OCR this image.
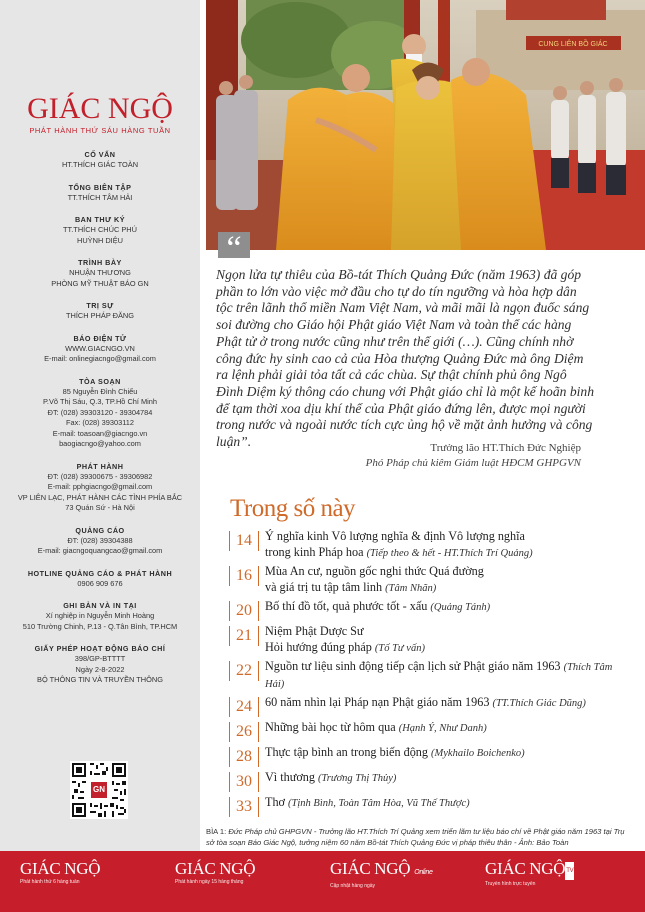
GIÁC NGỘ
PHÁT HÀNH THỨ SÁU HÀNG TUẦN
CỐ VẤN
HT.THÍCH GIÁC TOÀN
TỔNG BIÊN TẬP
TT.THÍCH TÂM HẢI
BAN THƯ KÝ
TT.THÍCH CHÚC PHÚ
HUỲNH DIỆU
TRÌNH BÀY
NHUẬN THƯƠNG
PHÒNG MỸ THUẬT BÁO GN
TRỊ SỰ
THÍCH PHÁP ĐĂNG
BÁO ĐIỆN TỬ
WWW.GIACNGO.VN
E-mail: onlinegiacngo@gmail.com
TÒA SOẠN
85 Nguyễn Đình Chiểu
P.Võ Thị Sáu, Q.3, TP.Hồ Chí Minh
ĐT: (028) 39303120 - 39304784
Fax: (028) 39303112
E-mail: toasoan@giacngo.vn
baogiacngo@yahoo.com
PHÁT HÀNH
ĐT: (028) 39300675 - 39306982
E-mail: pphgiacngo@gmail.com
VP LIÊN LẠC, PHÁT HÀNH CÁC TỈNH PHÍA BẮC
73 Quán Sứ - Hà Nội
QUẢNG CÁO
ĐT: (028) 39304388
E-mail: giacngoquangcao@gmail.com
HOTLINE QUẢNG CÁO & PHÁT HÀNH
0906 909 676
GHI BẢN VÀ IN TẠI
Xí nghiệp in Nguyễn Minh Hoàng
510 Trường Chinh, P.13 - Q.Tân Bình, TP.HCM
GIẤY PHÉP HOẠT ĐỘNG BÁO CHÍ
398/GP-BTTTT
Ngày 2-8-2022
BỘ THÔNG TIN VÀ TRUYỀN THÔNG
GN
CUNG LIÊN BỒ GIÁC
“
Ngọn lửa tự thiêu của Bồ-tát Thích Quảng Đức (năm 1963) đã góp phần to lớn vào việc mở đầu cho tự do tín ngưỡng và hòa hợp dân tộc trên lãnh thổ miền Nam Việt Nam, và mãi mãi là ngọn đuốc sáng soi đường cho Giáo hội Phật giáo Việt Nam và toàn thể các hàng Phật tử ở trong nước cũng như trên thế giới (…). Cũng chính nhờ công đức hy sinh cao cả của Hòa thượng Quảng Đức mà ông Diệm ra lệnh phải giải tỏa tất cả các chùa. Sự thật chính phủ ông Ngô Đình Diệm ký thông cáo chung với Phật giáo chỉ là một kế hoãn binh để tạm thời xoa dịu khí thế của Phật giáo đứng lên, được mọi người trong nước và ngoài nước tích cực ủng hộ về mặt ảnh hưởng và công luận”.	Trưởng lão HT.Thích Đức Nghiệp
Phó Pháp chủ kiêm Giám luật HĐCM GHPGVN
Trong số này
14	Ý nghĩa kinh Vô lượng nghĩa & định Vô lượng nghĩa
trong kinh Pháp hoa (Tiếp theo & hết - HT.Thích Trí Quảng)
16	Mùa An cư, nguồn gốc nghi thức Quá đường
và giá trị tu tập tâm linh (Tâm Nhãn)
20	Bố thí đồ tốt, quả phước tốt - xấu (Quảng Tánh)
21	Niệm Phật Dược Sư
Hỏi hướng đúng pháp (Tố Tư vấn)
22	Nguồn tư liệu sinh động tiếp cận lịch sử Phật giáo năm 1963 (Thích Tâm Hải)
24	60 năm nhìn lại Pháp nạn Phật giáo năm 1963 (TT.Thích Giác Dũng)
26	Những bài học từ hôm qua (Hạnh Ý, Như Danh)
28	Thực tập bình an trong biến động (Mykhailo Boichenko)
30	Vì thương (Trương Thị Thủy)
33	Thơ (Tịnh Bình, Toàn Tâm Hòa, Vũ Thế Thược)
BÌA 1: Đức Pháp chủ GHPGVN - Trưởng lão HT.Thích Trí Quảng xem triển lãm tư liệu báo chí về Phật giáo năm 1963 tại Trụ sở tòa soạn Báo Giác Ngộ, tưởng niệm 60 năm Bồ-tát Thích Quảng Đức vị pháp thiêu thân - Ảnh: Bảo Toàn
GIÁC NGỘ
Phát hành thứ 6 hàng tuần
GIÁC NGỘ
Phát hành ngày 15 hàng tháng
GIÁC NGỘ Online
Cập nhật hàng ngày
GIÁC NGỘTV
Truyền hình trực tuyến
